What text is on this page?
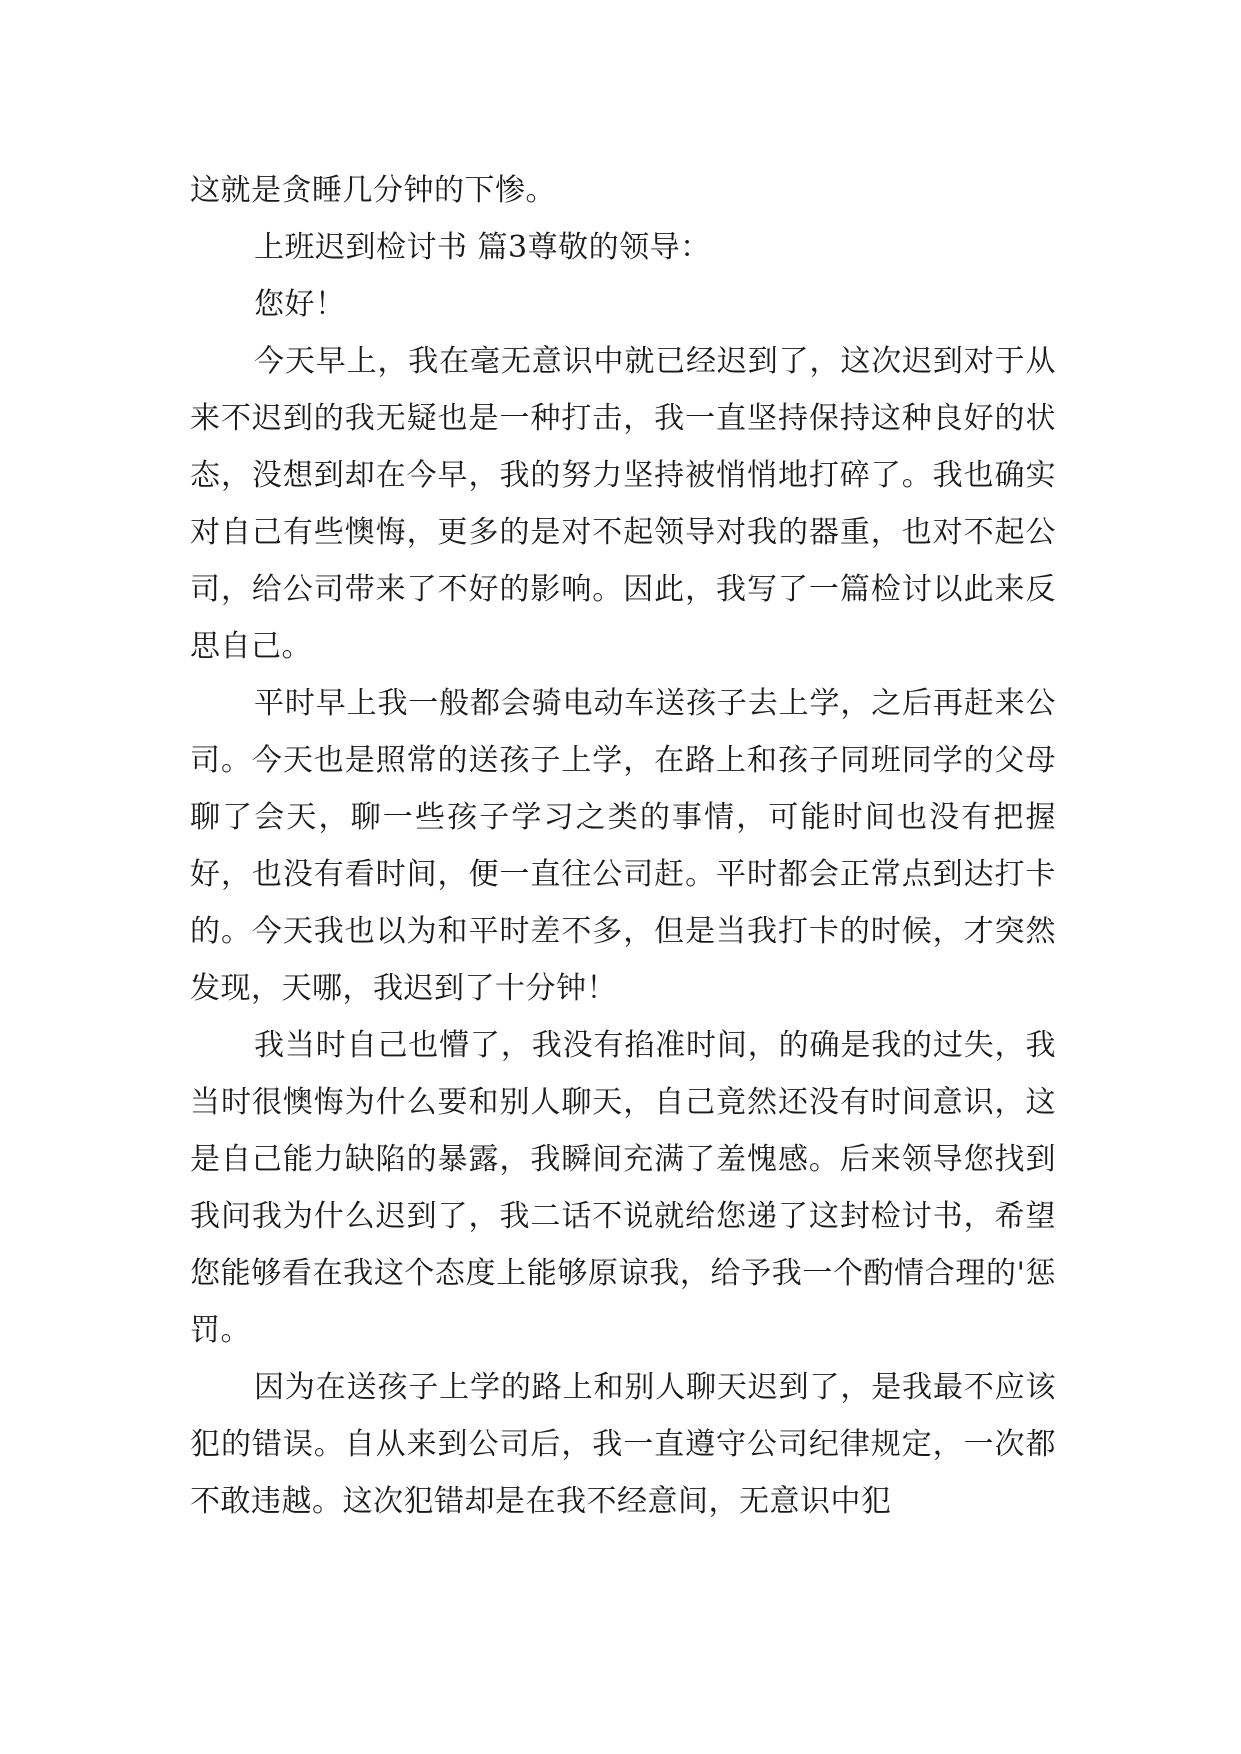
这就是贪睡几分钟的下惨。

上班迟到检讨书 篇3尊敬的领导：

您好！

今天早上，我在毫无意识中就已经迟到了，这次迟到对于从来不迟到的我无疑也是一种打击，我一直坚持保持这种良好的状态，没想到却在今早，我的努力坚持被悄悄地打碎了。我也确实对自己有些懊悔，更多的是对不起领导对我的器重，也对不起公司，给公司带来了不好的影响。因此，我写了一篇检讨以此来反思自己。

平时早上我一般都会骑电动车送孩子去上学，之后再赶来公司。今天也是照常的送孩子上学，在路上和孩子同班同学的父母聊了会天，聊一些孩子学习之类的事情，可能时间也没有把握好，也没有看时间，便一直往公司赶。平时都会正常点到达打卡的。今天我也以为和平时差不多，但是当我打卡的时候，才突然发现，天哪，我迟到了十分钟！

我当时自己也懵了，我没有掐准时间，的确是我的过失，我当时很懊悔为什么要和别人聊天，自己竟然还没有时间意识，这是自己能力缺陷的暴露，我瞬间充满了羞愧感。后来领导您找到我问我为什么迟到了，我二话不说就给您递了这封检讨书，希望您能够看在我这个态度上能够原谅我，给予我一个酌情合理的'惩罚。

因为在送孩子上学的路上和别人聊天迟到了，是我最不应该犯的错误。自从来到公司后，我一直遵守公司纪律规定，一次都不敢违越。这次犯错却是在我不经意间，无意识中犯
